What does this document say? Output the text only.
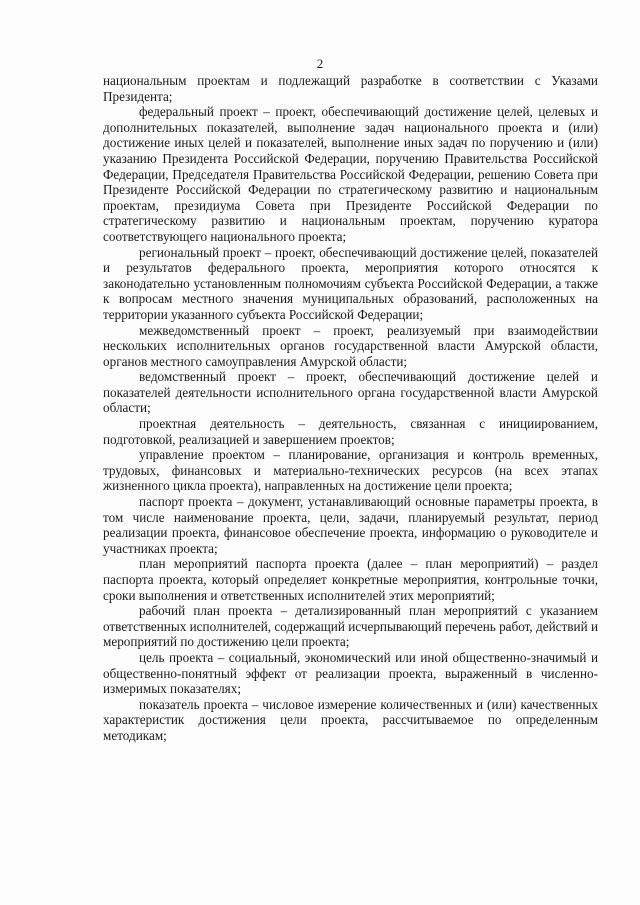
2

национальным проектам и подлежащий разработке в соответствии с Указами Президента;

федеральный проект – проект, обеспечивающий достижение целей, целевых и дополнительных показателей, выполнение задач национального проекта и (или) достижение иных целей и показателей, выполнение иных задач по поручению и (или) указанию Президента Российской Федерации, поручению Правительства Российской Федерации, Председателя Правительства Российской Федерации, решению Совета при Президенте Российской Федерации по стратегическому развитию и национальным проектам, президиума Совета при Президенте Российской Федерации по стратегическому развитию и национальным проектам, поручению куратора соответствующего национального проекта;

региональный проект – проект, обеспечивающий достижение целей, показателей и результатов федерального проекта, мероприятия которого относятся к законодательно установленным полномочиям субъекта Российской Федерации, а также к вопросам местного значения муниципальных образований, расположенных на территории указанного субъекта Российской Федерации;

межведомственный проект – проект, реализуемый при взаимодействии нескольких исполнительных органов государственной власти Амурской области, органов местного самоуправления Амурской области;

ведомственный проект – проект, обеспечивающий достижение целей и показателей деятельности исполнительного органа государственной власти Амурской области;

проектная деятельность – деятельность, связанная с инициированием, подготовкой, реализацией и завершением проектов;

управление проектом – планирование, организация и контроль временных, трудовых, финансовых и материально-технических ресурсов (на всех этапах жизненного цикла проекта), направленных на достижение цели проекта;

паспорт проекта – документ, устанавливающий основные параметры проекта, в том числе наименование проекта, цели, задачи, планируемый результат, период реализации проекта, финансовое обеспечение проекта, информацию о руководителе и участниках проекта;

план мероприятий паспорта проекта (далее – план мероприятий) – раздел паспорта проекта, который определяет конкретные мероприятия, контрольные точки, сроки выполнения и ответственных исполнителей этих мероприятий;

рабочий план проекта – детализированный план мероприятий с указанием ответственных исполнителей, содержащий исчерпывающий перечень работ, действий и мероприятий по достижению цели проекта;

цель проекта – социальный, экономический или иной общественно-значимый и общественно-понятный эффект от реализации проекта, выраженный в численно-измеримых показателях;

показатель проекта – числовое измерение количественных и (или) качественных характеристик достижения цели проекта, рассчитываемое по определенным методикам;
